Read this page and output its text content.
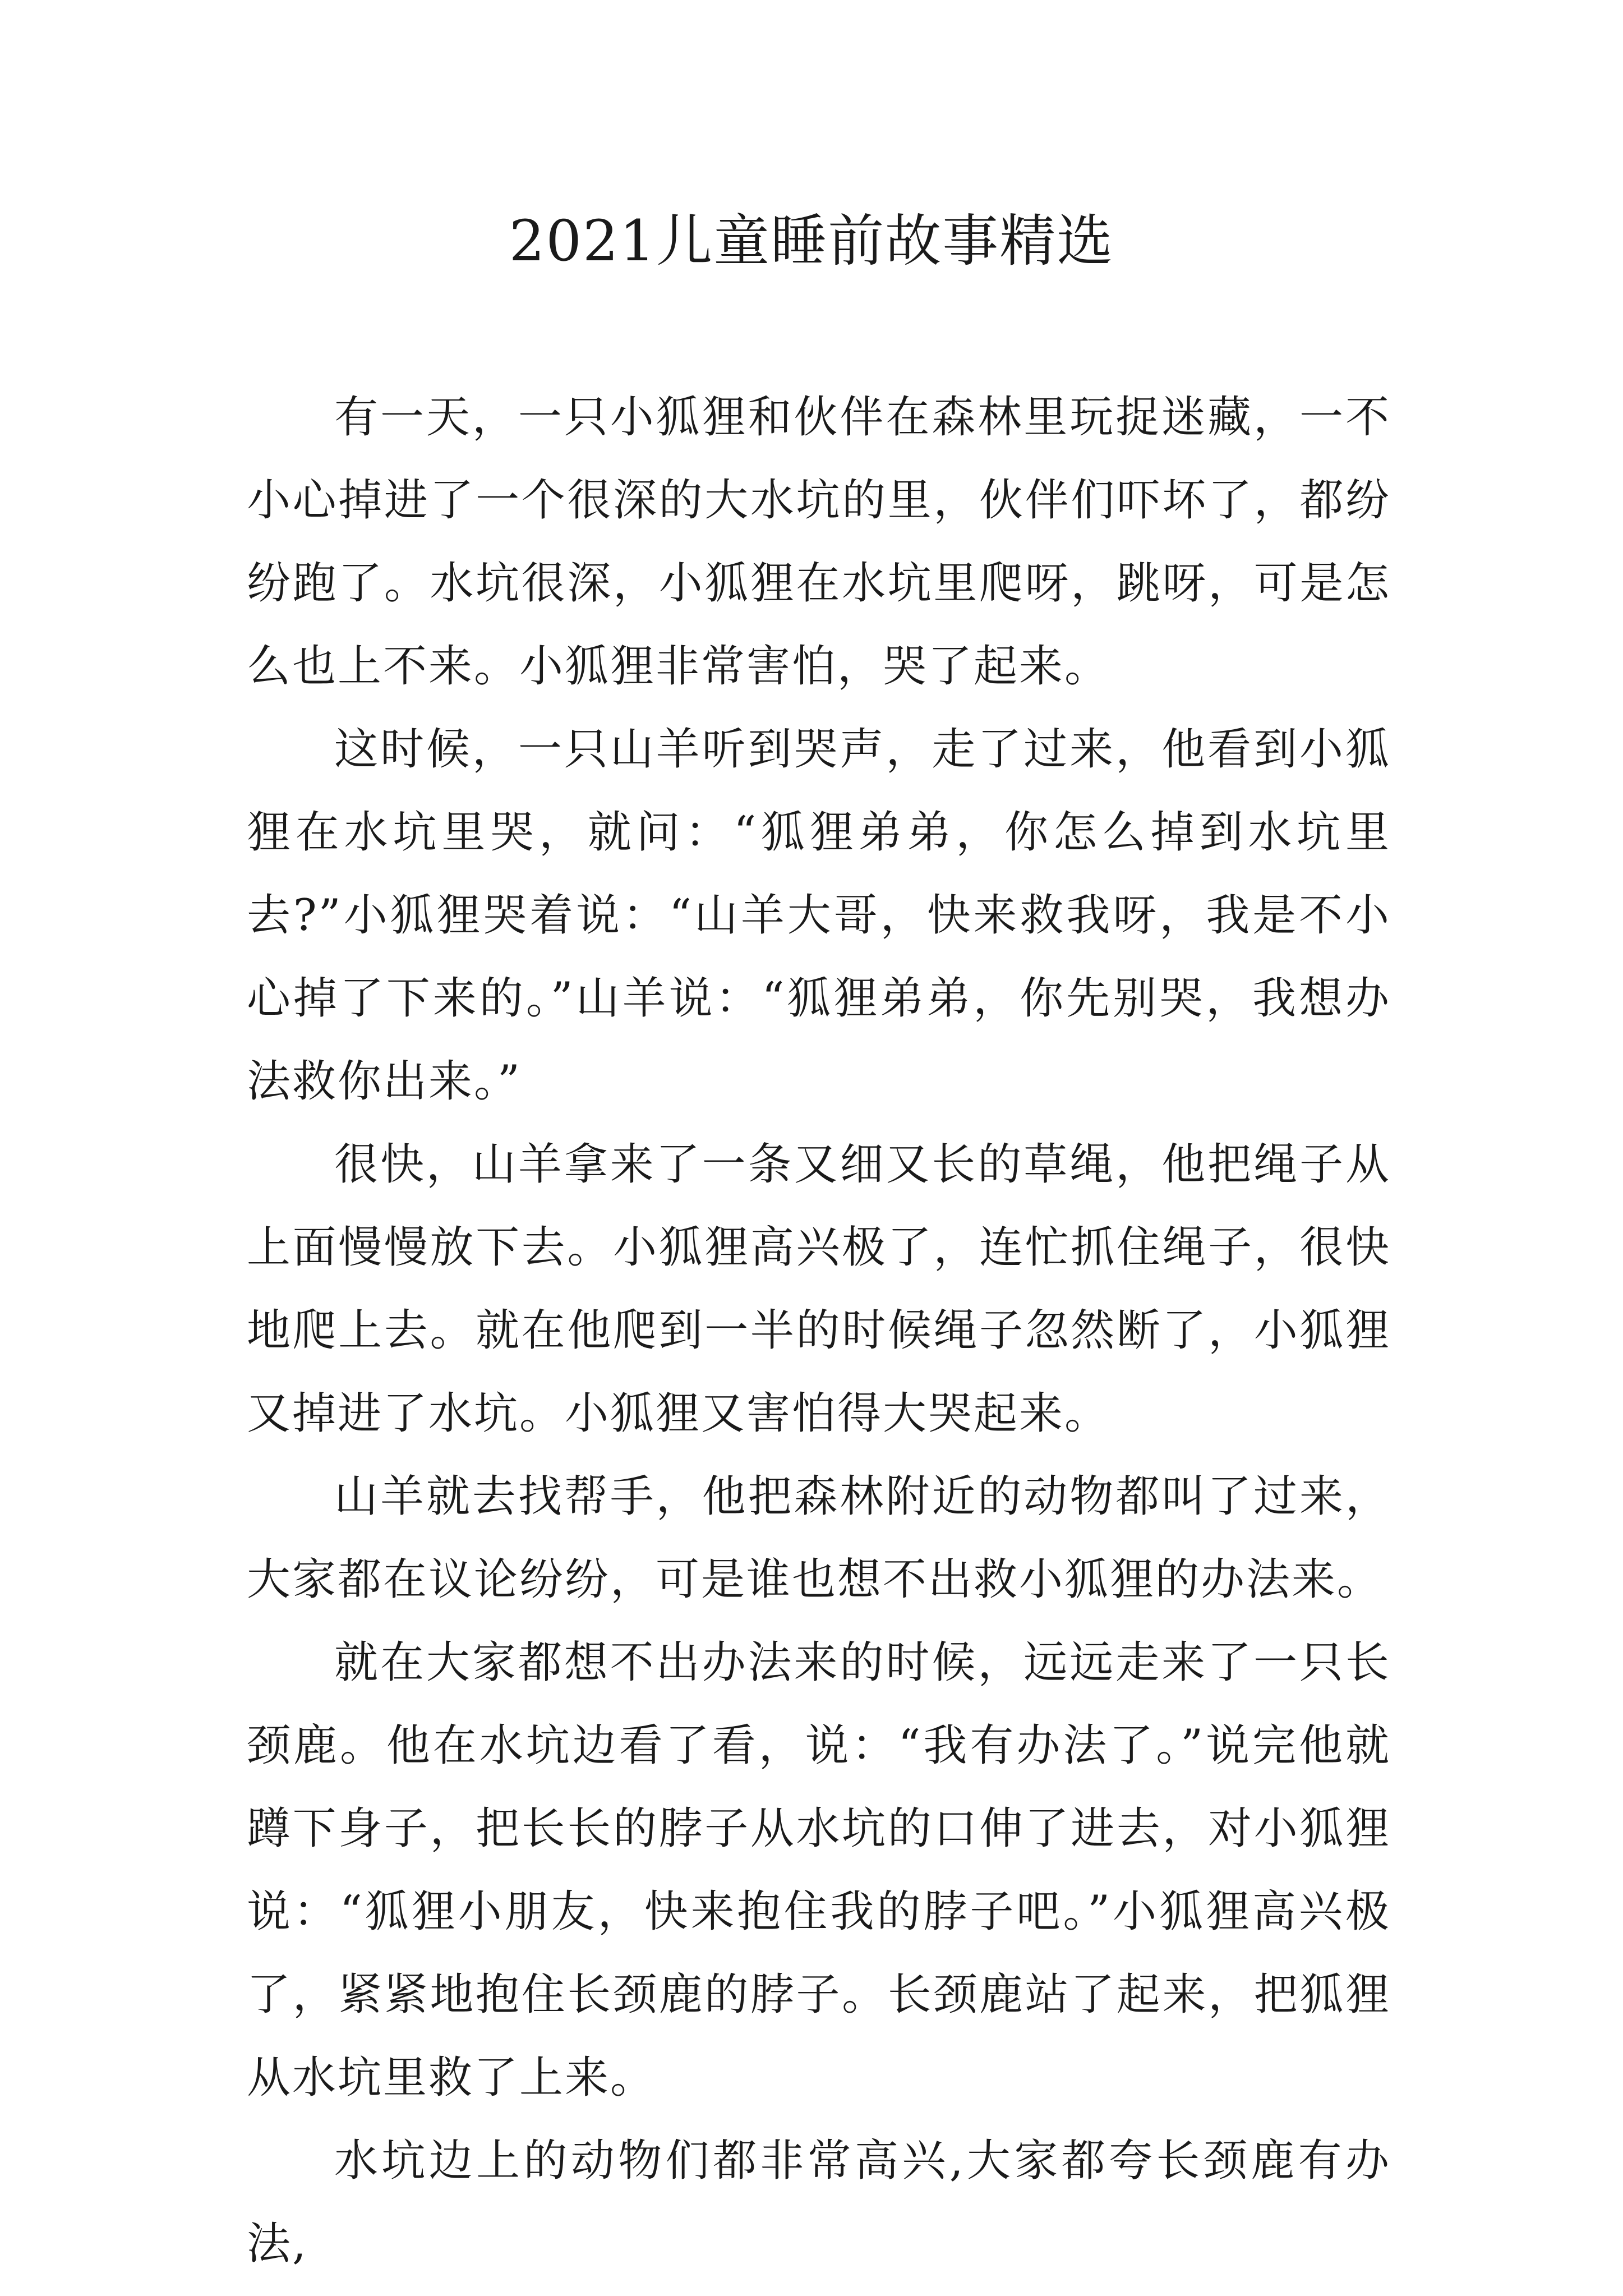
2021儿童睡前故事精选

有一天，一只小狐狸和伙伴在森林里玩捉迷藏，一不小心掉进了一个很深的大水坑的里，伙伴们吓坏了，都纷纷跑了。水坑很深，小狐狸在水坑里爬呀，跳呀，可是怎么也上不来。小狐狸非常害怕，哭了起来。

这时候，一只山羊听到哭声，走了过来，他看到小狐狸在水坑里哭，就问：“狐狸弟弟，你怎么掉到水坑里去?”小狐狸哭着说：“山羊大哥，快来救我呀，我是不小心掉了下来的。”山羊说：“狐狸弟弟，你先别哭，我想办法救你出来。”

很快，山羊拿来了一条又细又长的草绳，他把绳子从上面慢慢放下去。小狐狸高兴极了，连忙抓住绳子，很快地爬上去。就在他爬到一半的时候绳子忽然断了，小狐狸又掉进了水坑。小狐狸又害怕得大哭起来。

山羊就去找帮手，他把森林附近的动物都叫了过来，大家都在议论纷纷，可是谁也想不出救小狐狸的办法来。

就在大家都想不出办法来的时候，远远走来了一只长颈鹿。他在水坑边看了看，说：“我有办法了。”说完他就蹲下身子，把长长的脖子从水坑的口伸了进去，对小狐狸说：“狐狸小朋友，快来抱住我的脖子吧。”小狐狸高兴极了，紧紧地抱住长颈鹿的脖子。长颈鹿站了起来，把狐狸从水坑里救了上来。

水坑边上的动物们都非常高兴,大家都夸长颈鹿有办法,
